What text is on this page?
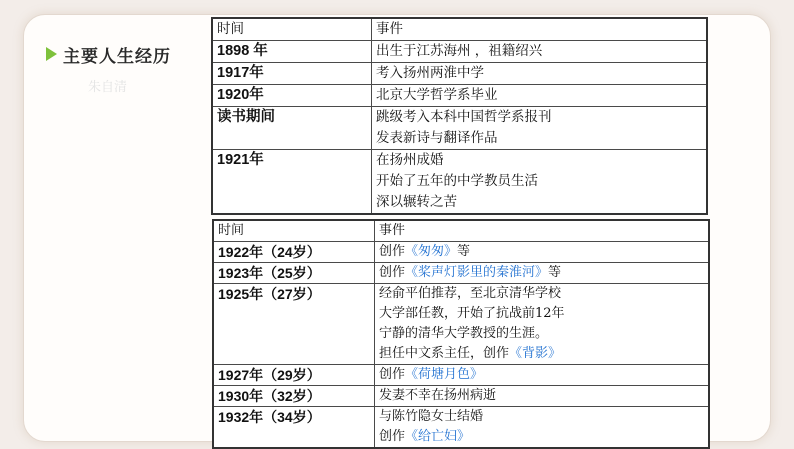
主要人生经历
朱自清
时间	事件
1898 年	出生于江苏海州 ，祖籍绍兴

1917年	考入扬州两淮中学

1920年	北京大学哲学系毕业

读书期间	跳级考入本科中国哲学系报刊
发表新诗与翻译作品

1921年	在扬州成婚
开始了五年的中学教员生活
深以辗转之苦
时间	事件
1922年（24岁）	创作《匆匆》等

1923年（25岁）	创作《桨声灯影里的秦淮河》等

1925年（27岁）	经俞平伯推荐，至北京清华学校
大学部任教，开始了抗战前12年
宁静的清华大学教授的生涯。
担任中文系主任，创作《背影》

1927年（29岁）	创作《荷塘月色》

1930年（32岁）	发妻不幸在扬州病逝

1932年（34岁）	与陈竹隐女士结婚
创作《给亡妇》
